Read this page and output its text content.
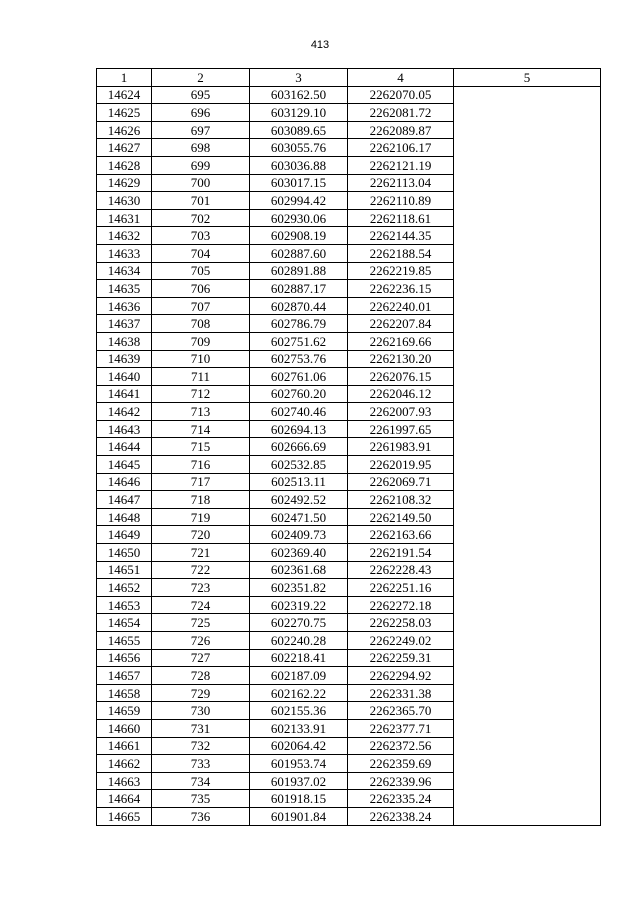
413
1	2	3	4	5
14624	695	603162.50	2262070.05	
14625	696	603129.10	2262081.72	
14626	697	603089.65	2262089.87	
14627	698	603055.76	2262106.17	
14628	699	603036.88	2262121.19	
14629	700	603017.15	2262113.04	
14630	701	602994.42	2262110.89	
14631	702	602930.06	2262118.61	
14632	703	602908.19	2262144.35	
14633	704	602887.60	2262188.54	
14634	705	602891.88	2262219.85	
14635	706	602887.17	2262236.15	
14636	707	602870.44	2262240.01	
14637	708	602786.79	2262207.84	
14638	709	602751.62	2262169.66	
14639	710	602753.76	2262130.20	
14640	711	602761.06	2262076.15	
14641	712	602760.20	2262046.12	
14642	713	602740.46	2262007.93	
14643	714	602694.13	2261997.65	
14644	715	602666.69	2261983.91	
14645	716	602532.85	2262019.95	
14646	717	602513.11	2262069.71	
14647	718	602492.52	2262108.32	
14648	719	602471.50	2262149.50	
14649	720	602409.73	2262163.66	
14650	721	602369.40	2262191.54	
14651	722	602361.68	2262228.43	
14652	723	602351.82	2262251.16	
14653	724	602319.22	2262272.18	
14654	725	602270.75	2262258.03	
14655	726	602240.28	2262249.02	
14656	727	602218.41	2262259.31	
14657	728	602187.09	2262294.92	
14658	729	602162.22	2262331.38	
14659	730	602155.36	2262365.70	
14660	731	602133.91	2262377.71	
14661	732	602064.42	2262372.56	
14662	733	601953.74	2262359.69	
14663	734	601937.02	2262339.96	
14664	735	601918.15	2262335.24	
14665	736	601901.84	2262338.24	
